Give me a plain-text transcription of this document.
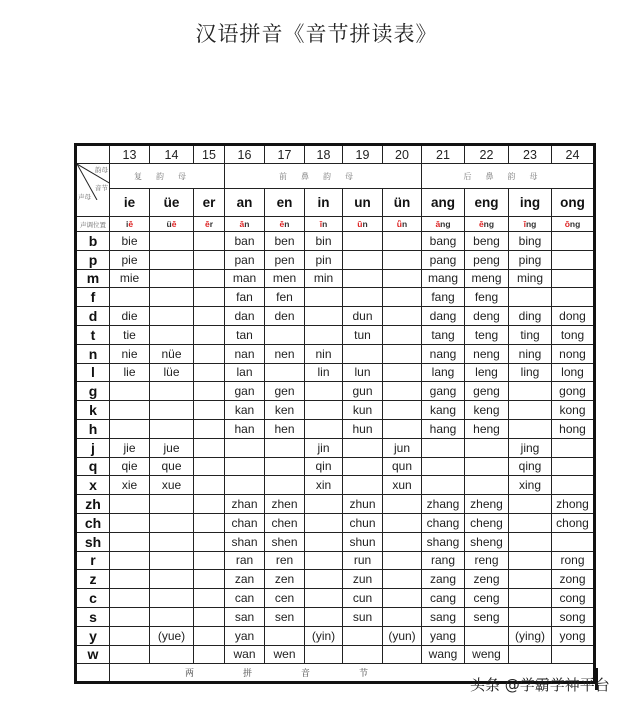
汉语拼音《音节拼读表》
	13	14	15	16	17	18	19	20	21	22	23	24

韵母
音节
声母	复韵母			前鼻韵母					后鼻韵母			
	ie	üe	er	an	en	in	un	ün	ang	eng	ing	ong
声调位置	iē	üē	ēr	ān	ēn	īn	ūn	ǖn	āng	ēng	īng	ōng
b	bie			ban	ben	bin			bang	beng	bing	
p	pie			pan	pen	pin			pang	peng	ping	
m	mie			man	men	min			mang	meng	ming	
f				fan	fen				fang	feng		
d	die			dan	den		dun		dang	deng	ding	dong
t	tie			tan			tun		tang	teng	ting	tong
n	nie	nüe		nan	nen	nin			nang	neng	ning	nong
l	lie	lüe		lan		lin	lun		lang	leng	ling	long
g				gan	gen		gun		gang	geng		gong
k				kan	ken		kun		kang	keng		kong
h				han	hen		hun		hang	heng		hong
j	jie	jue				jin		jun			jing	
q	qie	que				qin		qun			qing	
x	xie	xue				xin		xun			xing	
zh				zhan	zhen		zhun		zhang	zheng		zhong
ch				chan	chen		chun		chang	cheng		chong
sh				shan	shen		shun		shang	sheng		
r				ran	ren		run		rang	reng		rong
z				zan	zen		zun		zang	zeng		zong
c				can	cen		cun		cang	ceng		cong
s				san	sen		sun		sang	seng		song
y		(yue)		yan		(yin)		(yun)	yang		(ying)	yong
w				wan	wen				wang	weng		

	两 拼 音 节											
头条 @学霸学神平台
